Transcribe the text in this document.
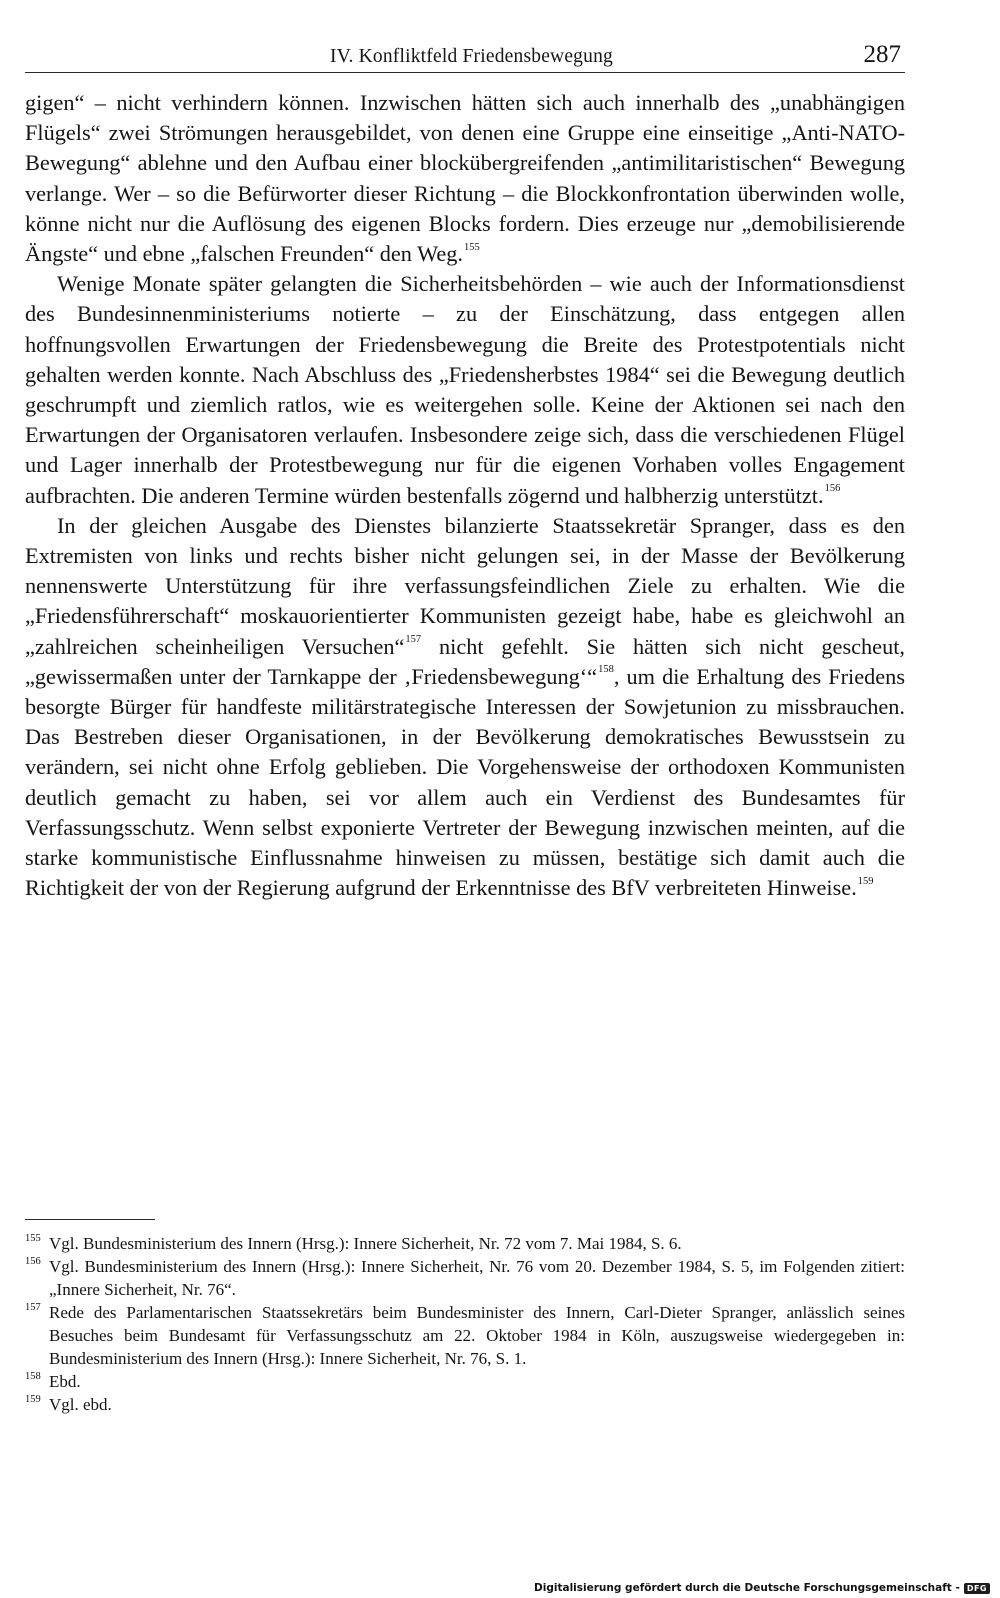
IV. Konfliktfeld Friedensbewegung	287

gigen“ – nicht verhindern können. Inzwischen hätten sich auch innerhalb des „unabhängigen Flügels“ zwei Strömungen herausgebildet, von denen eine Gruppe eine einseitige „Anti-NATO-Bewegung“ ablehne und den Aufbau einer blockübergreifenden „antimilitaristischen“ Bewegung verlange. Wer – so die Befürworter dieser Richtung – die Blockkonfrontation überwinden wolle, könne nicht nur die Auflösung des eigenen Blocks fordern. Dies erzeuge nur „demobilisierende Ängste“ und ebne „falschen Freunden“ den Weg.$^{155}$

Wenige Monate später gelangten die Sicherheitsbehörden – wie auch der Informationsdienst des Bundesinnenministeriums notierte – zu der Einschätzung, dass entgegen allen hoffnungsvollen Erwartungen der Friedensbewegung die Breite des Protestpotentials nicht gehalten werden konnte. Nach Abschluss des „Friedensherbstes 1984“ sei die Bewegung deutlich geschrumpft und ziemlich ratlos, wie es weitergehen solle. Keine der Aktionen sei nach den Erwartungen der Organisatoren verlaufen. Insbesondere zeige sich, dass die verschiedenen Flügel und Lager innerhalb der Protestbewegung nur für die eigenen Vorhaben volles Engagement aufbrachten. Die anderen Termine würden bestenfalls zögernd und halbherzig unterstützt.$^{156}$

In der gleichen Ausgabe des Dienstes bilanzierte Staatssekretär Spranger, dass es den Extremisten von links und rechts bisher nicht gelungen sei, in der Masse der Bevölkerung nennenswerte Unterstützung für ihre verfassungsfeindlichen Ziele zu erhalten. Wie die „Friedensführerschaft“ moskauorientierter Kommunisten gezeigt habe, habe es gleichwohl an „zahlreichen scheinheiligen Versuchen“$^{157}$ nicht gefehlt. Sie hätten sich nicht gescheut, „gewissermaßen unter der Tarnkappe der ‚Friedensbewegung‘“$^{158}$, um die Erhaltung des Friedens besorgte Bürger für handfeste militärstrategische Interessen der Sowjetunion zu missbrauchen. Das Bestreben dieser Organisationen, in der Bevölkerung demokratisches Bewusstsein zu verändern, sei nicht ohne Erfolg geblieben. Die Vorgehensweise der orthodoxen Kommunisten deutlich gemacht zu haben, sei vor allem auch ein Verdienst des Bundesamtes für Verfassungsschutz. Wenn selbst exponierte Vertreter der Bewegung inzwischen meinten, auf die starke kommunistische Einflussnahme hinweisen zu müssen, bestätige sich damit auch die Richtigkeit der von der Regierung aufgrund der Erkenntnisse des BfV verbreiteten Hinweise.$^{159}$

155 Vgl. Bundesministerium des Innern (Hrsg.): Innere Sicherheit, Nr. 72 vom 7. Mai 1984, S. 6.
156 Vgl. Bundesministerium des Innern (Hrsg.): Innere Sicherheit, Nr. 76 vom 20. Dezember 1984, S. 5, im Folgenden zitiert: „Innere Sicherheit, Nr. 76“.
157 Rede des Parlamentarischen Staatssekretärs beim Bundesminister des Innern, Carl-Dieter Spranger, anlässlich seines Besuches beim Bundesamt für Verfassungsschutz am 22. Oktober 1984 in Köln, auszugsweise wiedergegeben in: Bundesministerium des Innern (Hrsg.): Innere Sicherheit, Nr. 76, S. 1.
158 Ebd.
159 Vgl. ebd.
Digitalisierung gefördert durch die Deutsche Forschungsgemeinschaft - DFG
